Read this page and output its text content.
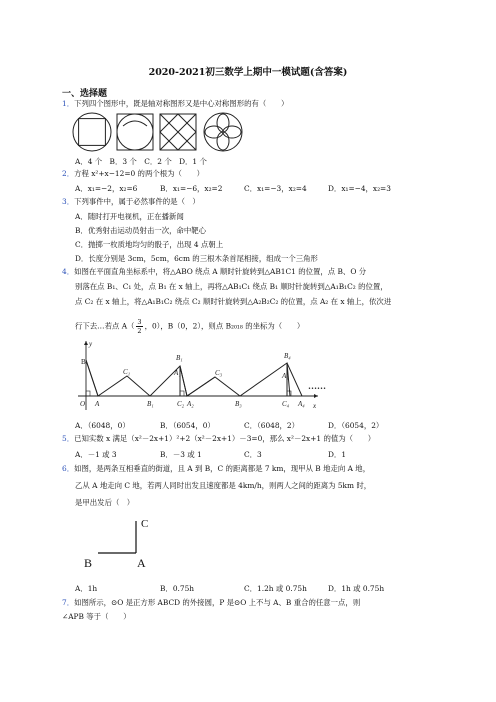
2020-2021初三数学上期中一模试题(含答案)
一、选择题
1．下列四个图形中，既是轴对称图形又是中心对称图形的有（　　）
A．4 个　B．3 个　C．2 个　D．1 个
2．方程 x²+x−12=0 的两个根为（　　）
A．x₁=−2，x₂=6	B．x₁=−6，x₂=2	C．x₁=−3，x₂=4	D．x₁=−4，x₂=3
3．下列事件中，属于必然事件的是（　）
A．随时打开电视机，正在播新闻
B．优秀射击运动员射击一次，命中靶心
C．抛掷一枚质地均匀的骰子，出现 4 点朝上
D．长度分别是 3cm，5cm，6cm 的三根木条首尾相接，组成一个三角形
4．如图在平面直角坐标系中，将△ABO 绕点 A 顺时针旋转到△AB1C1 的位置，点 B、O 分
别落在点 B₁、C₁ 处，点 B₁ 在 x 轴上，再将△AB₁C₁ 绕点 B₁ 顺时针旋转到△A₁B₁C₂ 的位置，
点 C₂ 在 x 轴上，将△A₁B₁C₂ 绕点 C₂ 顺时针旋转到△A₂B₂C₂ 的位置，点 A₂ 在 x 轴上，依次进
行下去…若点 $A( \frac{3}{2}$ ，0），B（0，2），则点 B₂₀₁₈ 的坐标为（　　）
……
B
C₁
B₁
A₁	C₃
B₄
A₃
O A	B₁	C₂ A₂	B₃	C₄ A₄ x
y
A．（6048，0）	B．（6054，0）	C．（6048，2）	D．（6054，2）
5．已知实数 x 满足（x²－2x+1）²+2（x²－2x+1）－3=0，那么 x²－2x+1 的值为（　　）
A．－1 或 3	B．－3 或 1	C．3	D．1
6．如图，是两条互相垂直的街道，且 A 到 B，C 的距离都是 7 km，现甲从 B 地走向 A 地，
乙从 A 地走向 C 地，若两人同时出发且速度都是 4km/h，则两人之间的距离为 5km 时，
是甲出发后（　）
C
B	A
A．1h	B．0.75h	C．1.2h 或 0.75h	D．1h 或 0.75h
7．如图所示，⊙O 是正方形 ABCD 的外接圆，P 是⊙O 上不与 A、B 重合的任意一点，则
∠APB 等于（　　）
